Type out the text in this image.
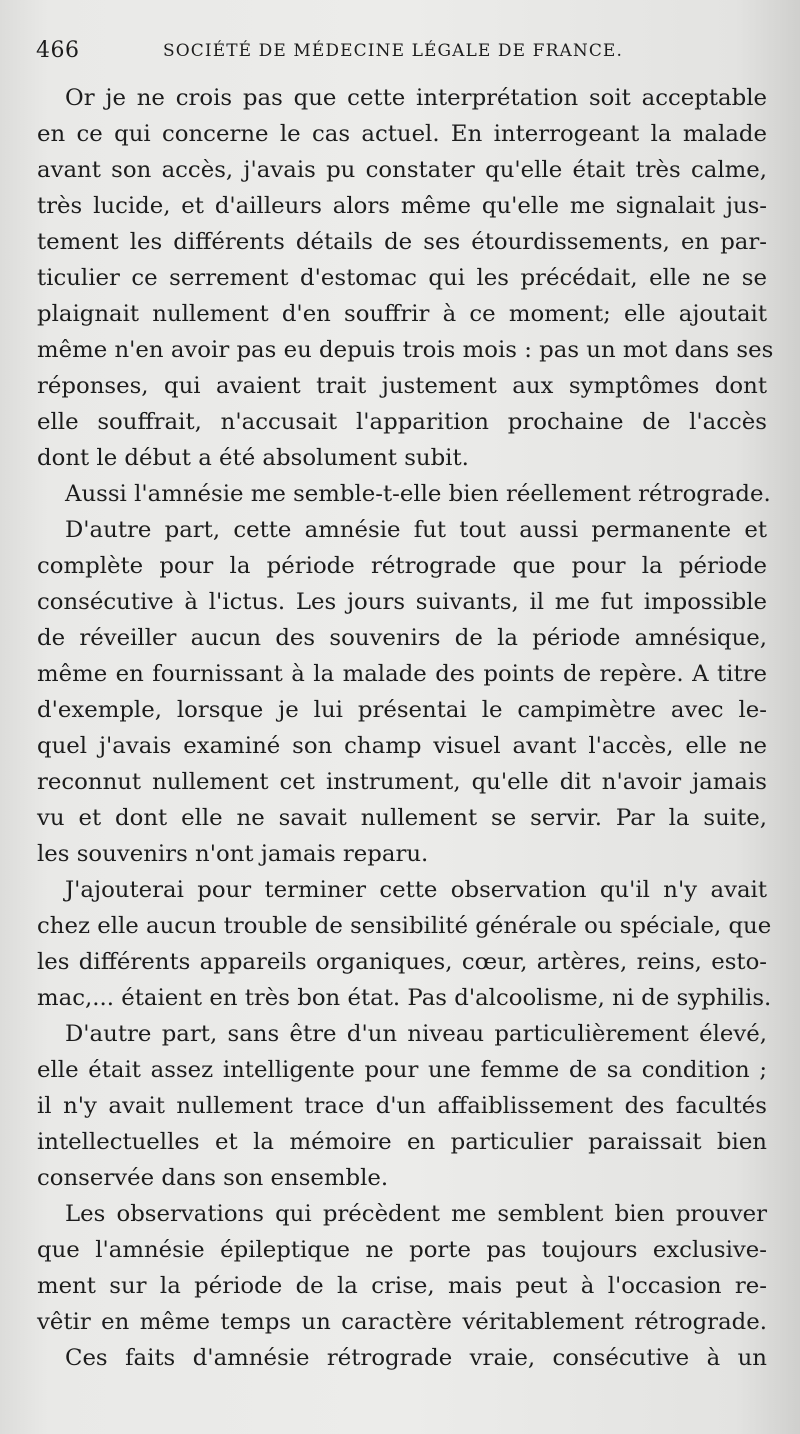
466	SOCIÉTÉ DE MÉDECINE LÉGALE DE FRANCE.
Or je ne crois pas que cette interprétation soit acceptable
en ce qui concerne le cas actuel. En interrogeant la malade
avant son accès, j'avais pu constater qu'elle était très calme,
très lucide, et d'ailleurs alors même qu'elle me signalait jus-
tement les différents détails de ses étourdissements, en par-
ticulier ce serrement d'estomac qui les précédait, elle ne se
plaignait nullement d'en souffrir à ce moment; elle ajoutait
même n'en avoir pas eu depuis trois mois : pas un mot dans ses
réponses, qui avaient trait justement aux symptômes dont
elle souffrait, n'accusait l'apparition prochaine de l'accès
dont le début a été absolument subit.
Aussi l'amnésie me semble-t-elle bien réellement rétrograde.
D'autre part, cette amnésie fut tout aussi permanente et
complète pour la période rétrograde que pour la période
consécutive à l'ictus. Les jours suivants, il me fut impossible
de réveiller aucun des souvenirs de la période amnésique,
même en fournissant à la malade des points de repère. A titre
d'exemple, lorsque je lui présentai le campimètre avec le-
quel j'avais examiné son champ visuel avant l'accès, elle ne
reconnut nullement cet instrument, qu'elle dit n'avoir jamais
vu et dont elle ne savait nullement se servir. Par la suite,
les souvenirs n'ont jamais reparu.
J'ajouterai pour terminer cette observation qu'il n'y avait
chez elle aucun trouble de sensibilité générale ou spéciale, que
les différents appareils organiques, cœur, artères, reins, esto-
mac,... étaient en très bon état. Pas d'alcoolisme, ni de syphilis.
D'autre part, sans être d'un niveau particulièrement élevé,
elle était assez intelligente pour une femme de sa condition ;
il n'y avait nullement trace d'un affaiblissement des facultés
intellectuelles et la mémoire en particulier paraissait bien
conservée dans son ensemble.
Les observations qui précèdent me semblent bien prouver
que l'amnésie épileptique ne porte pas toujours exclusive-
ment sur la période de la crise, mais peut à l'occasion re-
vêtir en même temps un caractère véritablement rétrograde.
Ces faits d'amnésie rétrograde vraie, consécutive à un
